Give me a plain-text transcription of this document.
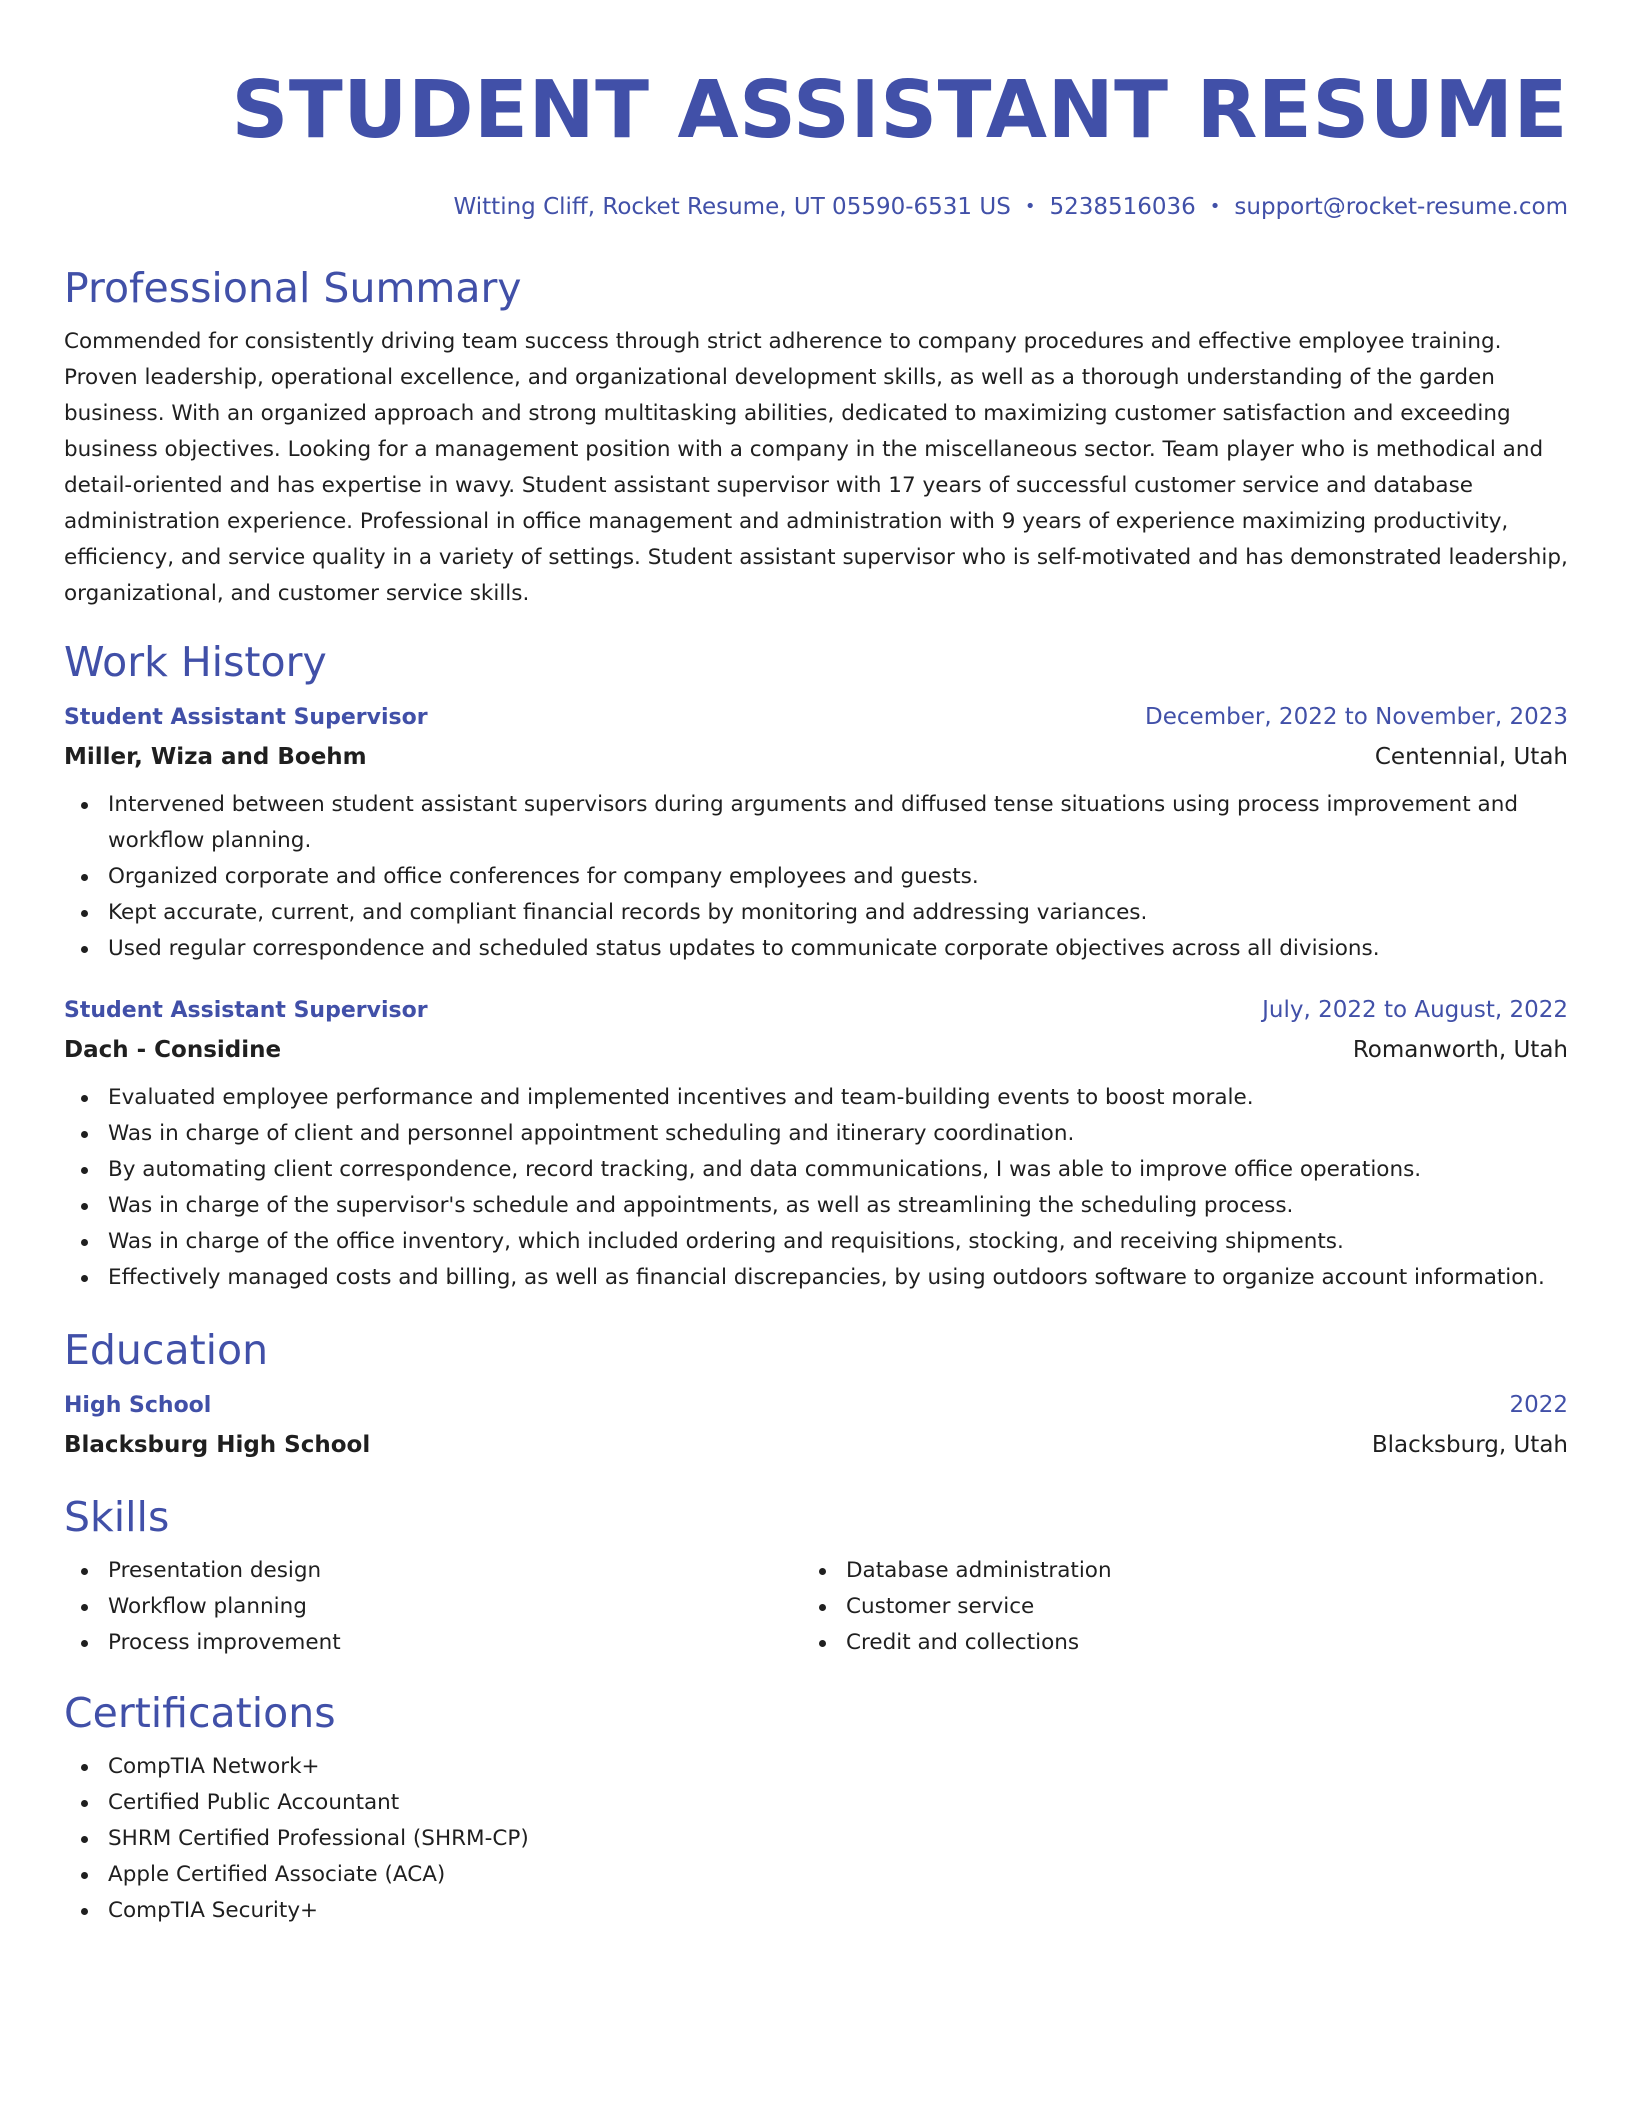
STUDENT ASSISTANT RESUME
Witting Cliff, Rocket Resume, UT 05590-6531 US • 5238516036 • support@rocket-resume.com
Professional Summary

Commended for consistently driving team success through strict adherence to company procedures and effective employee training. Proven leadership, operational excellence, and organizational development skills, as well as a thorough understanding of the garden business. With an organized approach and strong multitasking abilities, dedicated to maximizing customer satisfaction and exceeding business objectives. Looking for a management position with a company in the miscellaneous sector. Team player who is methodical and detail-oriented and has expertise in wavy. Student assistant supervisor with 17 years of successful customer service and database administration experience. Professional in office management and administration with 9 years of experience maximizing productivity, efficiency, and service quality in a variety of settings. Student assistant supervisor who is self-motivated and has demonstrated leadership, organizational, and customer service skills.

Work History
Student Assistant Supervisor	December, 2022 to November, 2023
Miller, Wiza and Boehm	Centennial, Utah
Intervened between student assistant supervisors during arguments and diffused tense situations using process improvement and workflow planning.
Organized corporate and office conferences for company employees and guests.
Kept accurate, current, and compliant financial records by monitoring and addressing variances.
Used regular correspondence and scheduled status updates to communicate corporate objectives across all divisions.
Student Assistant Supervisor	July, 2022 to August, 2022
Dach - Considine	Romanworth, Utah
Evaluated employee performance and implemented incentives and team-building events to boost morale.
Was in charge of client and personnel appointment scheduling and itinerary coordination.
By automating client correspondence, record tracking, and data communications, I was able to improve office operations.
Was in charge of the supervisor's schedule and appointments, as well as streamlining the scheduling process.
Was in charge of the office inventory, which included ordering and requisitions, stocking, and receiving shipments.
Effectively managed costs and billing, as well as financial discrepancies, by using outdoors software to organize account information.
Education
High School	2022
Blacksburg High School	Blacksburg, Utah
Skills
Presentation design
Workflow planning
Process improvement
Database administration
Customer service
Credit and collections
Certifications
CompTIA Network+
Certified Public Accountant
SHRM Certified Professional (SHRM-CP)
Apple Certified Associate (ACA)
CompTIA Security+
